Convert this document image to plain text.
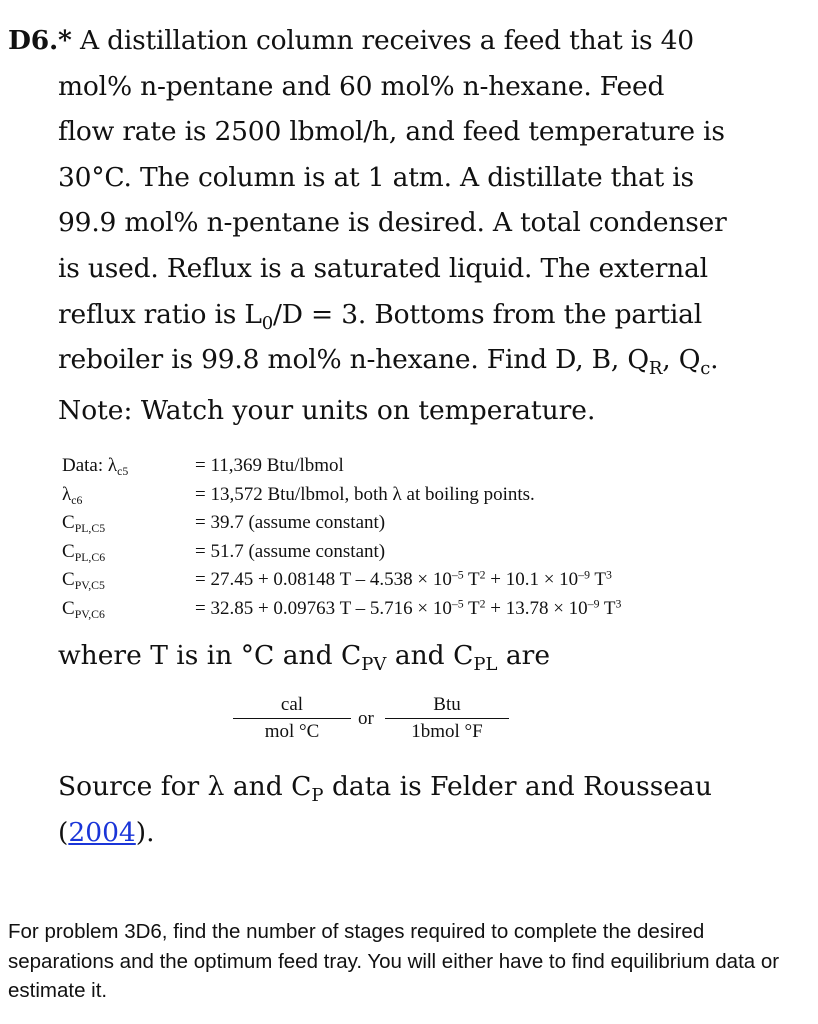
D6.* A distillation column receives a feed that is 40
mol% n-pentane and 60 mol% n-hexane. Feed
flow rate is 2500 lbmol/h, and feed temperature is
30°C. The column is at 1 atm. A distillate that is
99.9 mol% n-pentane is desired. A total condenser
is used. Reflux is a saturated liquid. The external
reflux ratio is $L_0/D = 3$. Bottoms from the partial
reboiler is 99.8 mol% n-hexane. Find D, B, $Q_R$, $Q_c$.
Note: Watch your units on temperature.
Data: $\lambda_{c5}$	= 11,369 Btu/lbmol
$\lambda_{c6}$	= 13,572 Btu/lbmol, both λ at boiling points.
$C_{PL,C5}$	= 39.7 (assume constant)
$C_{PL,C6}$	= 51.7 (assume constant)
$C_{PV,C5}$	= 27.45 + 0.08148 $T - 4.538 \times 10^{-5}$ $T^2 + 10.1 \times 10^{-9}$ $T^3$
$C_{PV,C6}$	= 32.85 + 0.09763 $T - 5.716 \times 10^{-5}$ $T^2 + 13.78 \times 10^{-9}$ $T^3$
where T is in °C and $C_{PV}$ and $C_{PL}$ are
cal
mol °C
or
Btu
1bmol °F
Source for λ and $C_P$ data is Felder and Rousseau
(2004).
For problem 3D6, find the number of stages required to complete the desired separations and the optimum feed tray. You will either have to find equilibrium data or estimate it.
